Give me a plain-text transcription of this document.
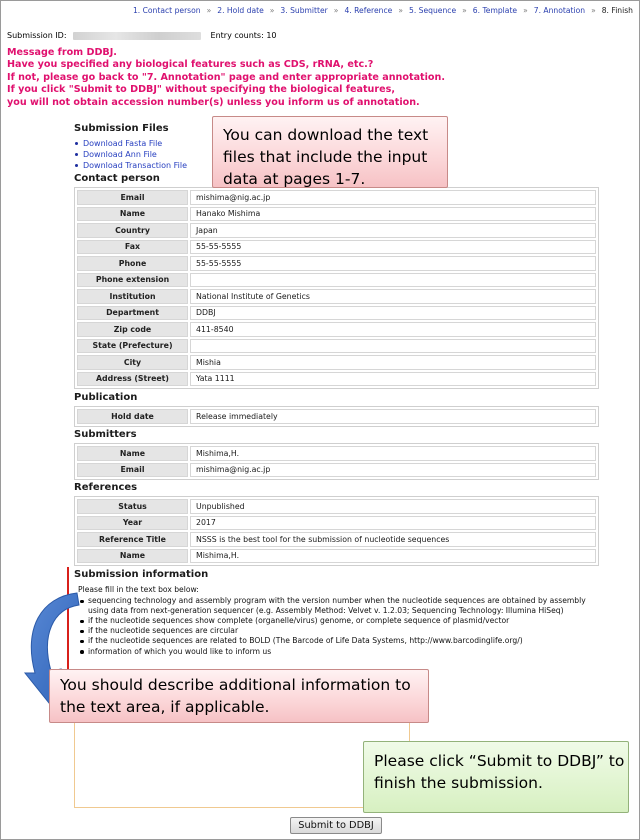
1. Contact person » 2. Hold date » 3. Submitter » 4. Reference » 5. Sequence » 6. Template » 7. Annotation » 8. Finish
Submission ID:	Entry counts: 10
Message from DDBJ.
Have you specified any biological features such as CDS, rRNA, etc.?
If not, please go back to "7. Annotation" page and enter appropriate annotation.
If you click "Submit to DDBJ" without specifying the biological features,
you will not obtain accession number(s) unless you inform us of annotation.
Submission Files
Download Fasta File
Download Ann File
Download Transaction File
Contact person
Email	mishima@nig.ac.jp
Name	Hanako Mishima
Country	Japan
Fax	55-55-5555
Phone	55-55-5555
Phone extension	
Institution	National Institute of Genetics
Department	DDBJ
Zip code	411-8540
State (Prefecture)	
City	Mishia
Address (Street)	Yata 1111
Publication
Hold date	Release immediately
Submitters
Name	Mishima,H.
Email	mishima@nig.ac.jp
References
Status	Unpublished
Year	2017
Reference Title	NSSS is the best tool for the submission of nucleotide sequences
Name	Mishima,H.
Submission information
Please fill in the text box below:
sequencing technology and assembly program with the version number when the nucleotide sequences are obtained by assembly using data from next-generation sequencer (e.g. Assembly Method: Velvet v. 1.2.03; Sequencing Technology: Illumina HiSeq)
if the nucleotide sequences show complete (organelle/virus) genome, or complete sequence of plasmid/vector
if the nucleotide sequences are circular
if the nucleotide sequences are related to BOLD (The Barcode of Life Data Systems, http://www.barcodinglife.org/)
information of which you would like to inform us
Submit to DDBJ
You can download the text
files that include the input
data at pages 1-7.
You should describe additional information to
the text area, if applicable.
Please click “Submit to DDBJ” to
finish the submission.
